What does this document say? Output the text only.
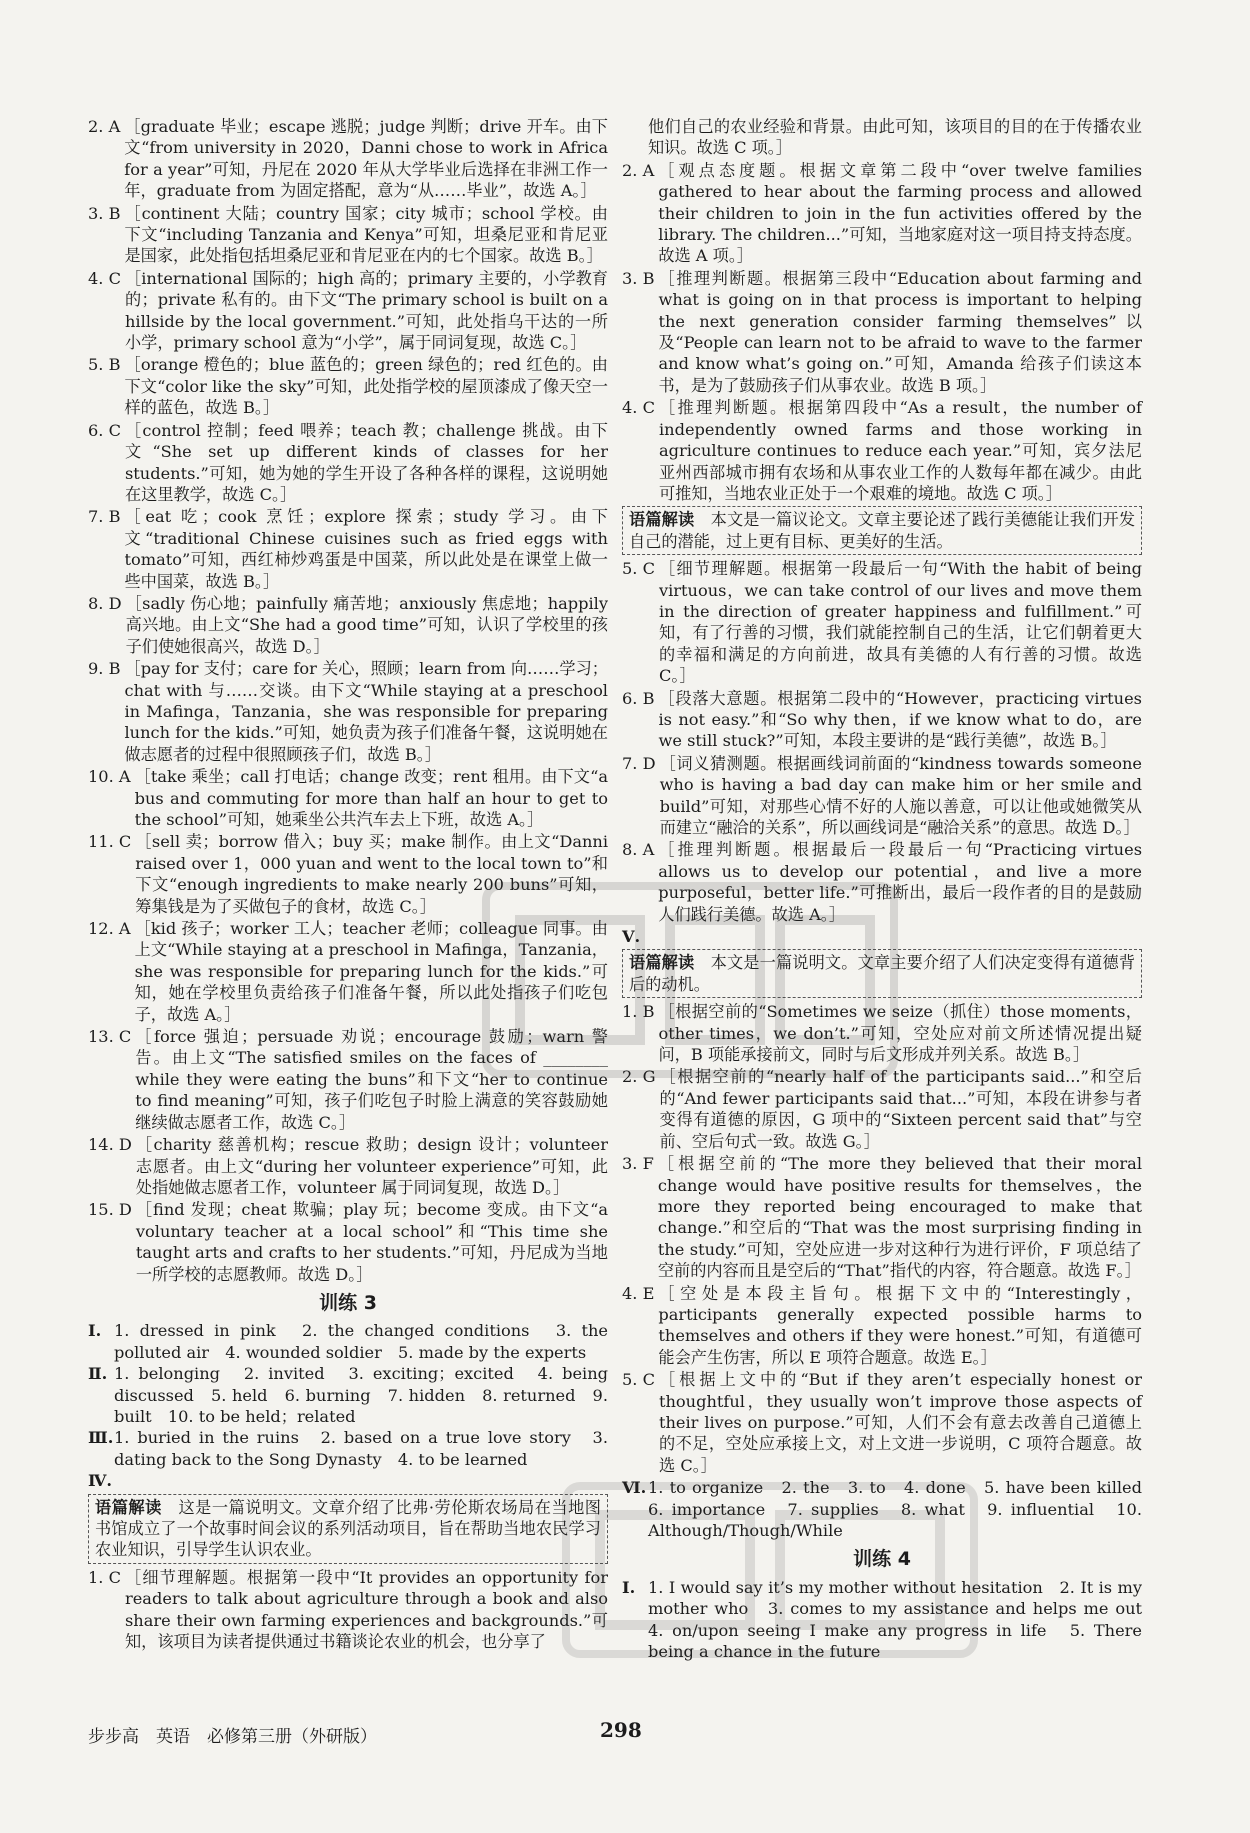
2. A ［graduate 毕业；escape 逃脱；judge 判断；drive 开车。由下文“from university in 2020，Danni chose to work in Africa for a year”可知，丹尼在 2020 年从大学毕业后选择在非洲工作一年，graduate from 为固定搭配，意为“从……毕业”，故选 A。］
3. B ［continent 大陆；country 国家；city 城市；school 学校。由下文“including Tanzania and Kenya”可知，坦桑尼亚和肯尼亚是国家，此处指包括坦桑尼亚和肯尼亚在内的七个国家。故选 B。］
4. C ［international 国际的；high 高的；primary 主要的，小学教育的；private 私有的。由下文“The primary school is built on a hillside by the local government.”可知，此处指乌干达的一所小学，primary school 意为“小学”，属于同词复现，故选 C。］
5. B ［orange 橙色的；blue 蓝色的；green 绿色的；red 红色的。由下文“color like the sky”可知，此处指学校的屋顶漆成了像天空一样的蓝色，故选 B。］
6. C ［control 控制；feed 喂养；teach 教；challenge 挑战。由下文“She set up different kinds of classes for her students.”可知，她为她的学生开设了各种各样的课程，这说明她在这里教学，故选 C。］
7. B ［eat 吃；cook 烹饪；explore 探索；study 学习。由下文“traditional Chinese cuisines such as fried eggs with tomato”可知，西红柿炒鸡蛋是中国菜，所以此处是在课堂上做一些中国菜，故选 B。］
8. D ［sadly 伤心地；painfully 痛苦地；anxiously 焦虑地；happily 高兴地。由上文“She had a good time”可知，认识了学校里的孩子们使她很高兴，故选 D。］
9. B ［pay for 支付；care for 关心，照顾；learn from 向……学习；chat with 与……交谈。由下文“While staying at a preschool in Mafinga，Tanzania，she was responsible for preparing lunch for the kids.”可知，她负责为孩子们准备午餐，这说明她在做志愿者的过程中很照顾孩子们，故选 B。］
10. A ［take 乘坐；call 打电话；change 改变；rent 租用。由下文“a bus and commuting for more than half an hour to get to the school”可知，她乘坐公共汽车去上下班，故选 A。］
11. C ［sell 卖；borrow 借入；buy 买；make 制作。由上文“Danni raised over 1，000 yuan and went to the local town to”和下文“enough ingredients to make nearly 200 buns”可知，筹集钱是为了买做包子的食材，故选 C。］
12. A ［kid 孩子；worker 工人；teacher 老师；colleague 同事。由上文“While staying at a preschool in Mafinga，Tanzania，she was responsible for preparing lunch for the kids.”可知，她在学校里负责给孩子们准备午餐，所以此处指孩子们吃包子，故选 A。］
13. C ［force 强迫；persuade 劝说；encourage 鼓励；warn 警告。由上文“The satisfied smiles on the faces of ________ while they were eating the buns”和下文“her to continue to find meaning”可知，孩子们吃包子时脸上满意的笑容鼓励她继续做志愿者工作，故选 C。］
14. D ［charity 慈善机构；rescue 救助；design 设计；volunteer 志愿者。由上文“during her volunteer experience”可知，此处指她做志愿者工作，volunteer 属于同词复现，故选 D。］
15. D ［find 发现；cheat 欺骗；play 玩；become 变成。由下文“a voluntary teacher at a local school”和“This time she taught arts and crafts to her students.”可知，丹尼成为当地一所学校的志愿教师。故选 D。］
训练 3
Ⅰ. 1. dressed in pink　2. the changed conditions　3. the polluted air　4. wounded soldier　5. made by the experts
Ⅱ. 1. belonging　2. invited　3. exciting；excited　4. being discussed　5. held　6. burning　7. hidden　8. returned　9. built　10. to be held；related
Ⅲ. 1. buried in the ruins　2. based on a true love story　3. dating back to the Song Dynasty　4. to be learned
Ⅳ.
语篇解读　 这是一篇说明文。文章介绍了比弗·劳伦斯农场局在当地图书馆成立了一个故事时间会议的系列活动项目，旨在帮助当地农民学习农业知识，引导学生认识农业。
1. C ［细节理解题。根据第一段中“It provides an opportunity for readers to talk about agriculture through a book and also share their own farming experiences and backgrounds.”可知，该项目为读者提供通过书籍谈论农业的机会，也分享了
他们自己的农业经验和背景。由此可知，该项目的目的在于传播农业知识。故选 C 项。］
2. A ［观点态度题。根据文章第二段中“over twelve families gathered to hear about the farming process and allowed their children to join in the fun activities offered by the library. The children...”可知，当地家庭对这一项目持支持态度。故选 A 项。］
3. B ［推理判断题。根据第三段中“Education about farming and what is going on in that process is important to helping the next generation consider farming themselves”以及“People can learn not to be afraid to wave to the farmer and know what’s going on.”可知，Amanda 给孩子们读这本书，是为了鼓励孩子们从事农业。故选 B 项。］
4. C ［推理判断题。根据第四段中“As a result，the number of independently owned farms and those working in agriculture continues to reduce each year.”可知，宾夕法尼亚州西部城市拥有农场和从事农业工作的人数每年都在减少。由此可推知，当地农业正处于一个艰难的境地。故选 C 项。］
语篇解读　 本文是一篇议论文。文章主要论述了践行美德能让我们开发自己的潜能，过上更有目标、更美好的生活。
5. C ［细节理解题。根据第一段最后一句“With the habit of being virtuous，we can take control of our lives and move them in the direction of greater happiness and fulfillment.”可知，有了行善的习惯，我们就能控制自己的生活，让它们朝着更大的幸福和满足的方向前进，故具有美德的人有行善的习惯。故选 C。］
6. B ［段落大意题。根据第二段中的“However，practicing virtues is not easy.”和“So why then，if we know what to do，are we still stuck?”可知，本段主要讲的是“践行美德”，故选 B。］
7. D ［词义猜测题。根据画线词前面的“kindness towards someone who is having a bad day can make him or her smile and build”可知，对那些心情不好的人施以善意，可以让他或她微笑从而建立“融洽的关系”，所以画线词是“融洽关系”的意思。故选 D。］
8. A ［推理判断题。根据最后一段最后一句“Practicing virtues allows us to develop our potential，and live a more purposeful，better life.”可推断出，最后一段作者的目的是鼓励人们践行美德。故选 A。］
Ⅴ.
语篇解读　 本文是一篇说明文。文章主要介绍了人们决定变得有道德背后的动机。
1. B ［根据空前的“Sometimes we seize（抓住）those moments，other times，we don’t.”可知，空处应对前文所述情况提出疑问，B 项能承接前文，同时与后文形成并列关系。故选 B。］
2. G ［根据空前的“nearly half of the participants said...”和空后的“And fewer participants said that...”可知，本段在讲参与者变得有道德的原因，G 项中的“Sixteen percent said that”与空前、空后句式一致。故选 G。］
3. F ［根据空前的“The more they believed that their moral change would have positive results for themselves，the more they reported being encouraged to make that change.”和空后的“That was the most surprising finding in the study.”可知，空处应进一步对这种行为进行评价，F 项总结了空前的内容而且是空后的“That”指代的内容，符合题意。故选 F。］
4. E ［空处是本段主旨句。根据下文中的“Interestingly，participants generally expected possible harms to themselves and others if they were honest.”可知，有道德可能会产生伤害，所以 E 项符合题意。故选 E。］
5. C ［根据上文中的“But if they aren’t especially honest or thoughtful，they usually won’t improve those aspects of their lives on purpose.”可知，人们不会有意去改善自己道德上的不足，空处应承接上文，对上文进一步说明，C 项符合题意。故选 C。］
Ⅵ. 1. to organize　2. the　3. to　4. done　5. have been killed　6. importance　7. supplies　8. what　9. influential　10. Although/Though/While
训练 4
Ⅰ. 1. I would say it’s my mother without hesitation　2. It is my mother who　3. comes to my assistance and helps me out　4. on/upon seeing I make any progress in life　5. There being a chance in the future
步步高　英语　必修第三册（外研版）	298
